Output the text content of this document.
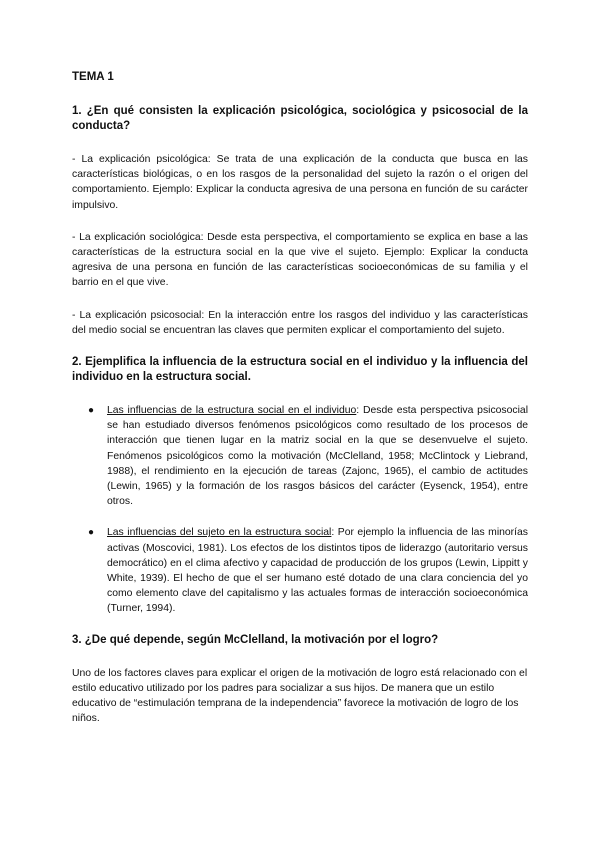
TEMA 1
1. ¿En qué consisten la explicación psicológica, sociológica y psicosocial de la conducta?

- La explicación psicológica: Se trata de una explicación de la conducta que busca en las características biológicas, o en los rasgos de la personalidad del sujeto la razón o el origen del comportamiento. Ejemplo: Explicar la conducta agresiva de una persona en función de su carácter impulsivo.

- La explicación sociológica: Desde esta perspectiva, el comportamiento se explica en base a las características de la estructura social en la que vive el sujeto. Ejemplo: Explicar la conducta agresiva de una persona en función de las características socioeconómicas de su familia y el barrio en el que vive.

- La explicación psicosocial: En la interacción entre los rasgos del individuo y las características del medio social se encuentran las claves que permiten explicar el comportamiento del sujeto.

2. Ejemplifica la influencia de la estructura social en el individuo y la influencia del individuo en la estructura social.
● Las influencias de la estructura social en el individuo: Desde esta perspectiva psicosocial se han estudiado diversos fenómenos psicológicos como resultado de los procesos de interacción que tienen lugar en la matriz social en la que se desenvuelve el sujeto. Fenómenos psicológicos como la motivación (McClelland, 1958; McClintock y Liebrand, 1988), el rendimiento en la ejecución de tareas (Zajonc, 1965), el cambio de actitudes (Lewin, 1965) y la formación de los rasgos básicos del carácter (Eysenck, 1954), entre otros.
● Las influencias del sujeto en la estructura social: Por ejemplo la influencia de las minorías activas (Moscovici, 1981). Los efectos de los distintos tipos de liderazgo (autoritario versus democrático) en el clima afectivo y capacidad de producción de los grupos (Lewin, Lippitt y White, 1939). El hecho de que el ser humano esté dotado de una clara conciencia del yo como elemento clave del capitalismo y las actuales formas de interacción socioeconómica (Turner, 1994).
3. ¿De qué depende, según McClelland, la motivación por el logro?

Uno de los factores claves para explicar el origen de la motivación de logro está relacionado con el estilo educativo utilizado por los padres para socializar a sus hijos. De manera que un estilo educativo de “estimulación temprana de la independencia” favorece la motivación de logro de los niños.
